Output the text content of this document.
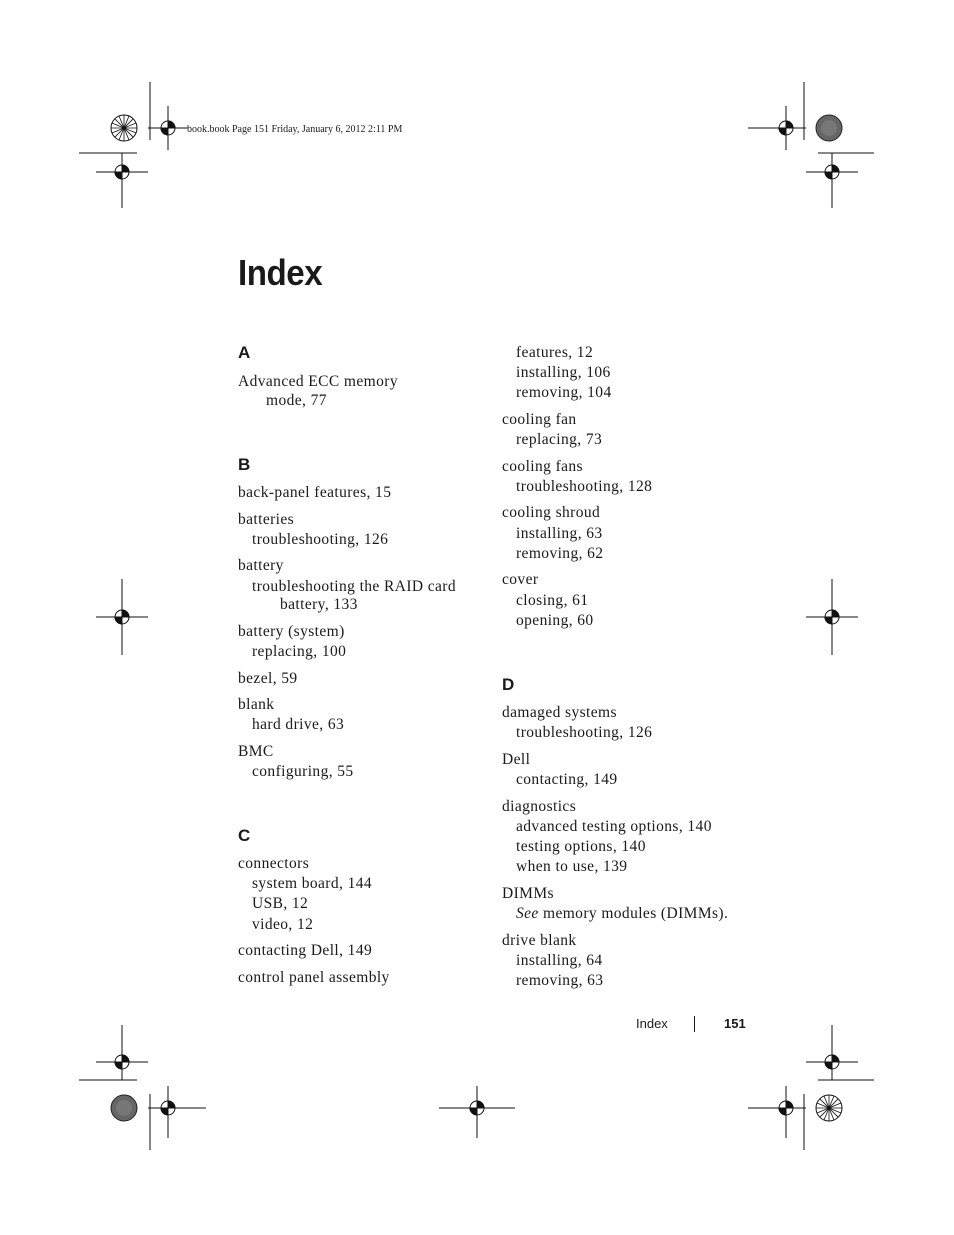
book.book Page 151 Friday, January 6, 2012 2:11 PM
Index
A
Advanced ECC memory
mode, 77
B
back-panel features, 15
batteries
troubleshooting, 126
battery
troubleshooting the RAID card
battery, 133
battery (system)
replacing, 100
bezel, 59
blank
hard drive, 63
BMC
configuring, 55
C
connectors
system board, 144
USB, 12
video, 12
contacting Dell, 149
control panel assembly
features, 12
installing, 106
removing, 104
cooling fan
replacing, 73
cooling fans
troubleshooting, 128
cooling shroud
installing, 63
removing, 62
cover
closing, 61
opening, 60
D
damaged systems
troubleshooting, 126
Dell
contacting, 149
diagnostics
advanced testing options, 140
testing options, 140
when to use, 139
DIMMs
See memory modules (DIMMs).
drive blank
installing, 64
removing, 63
Index	151
